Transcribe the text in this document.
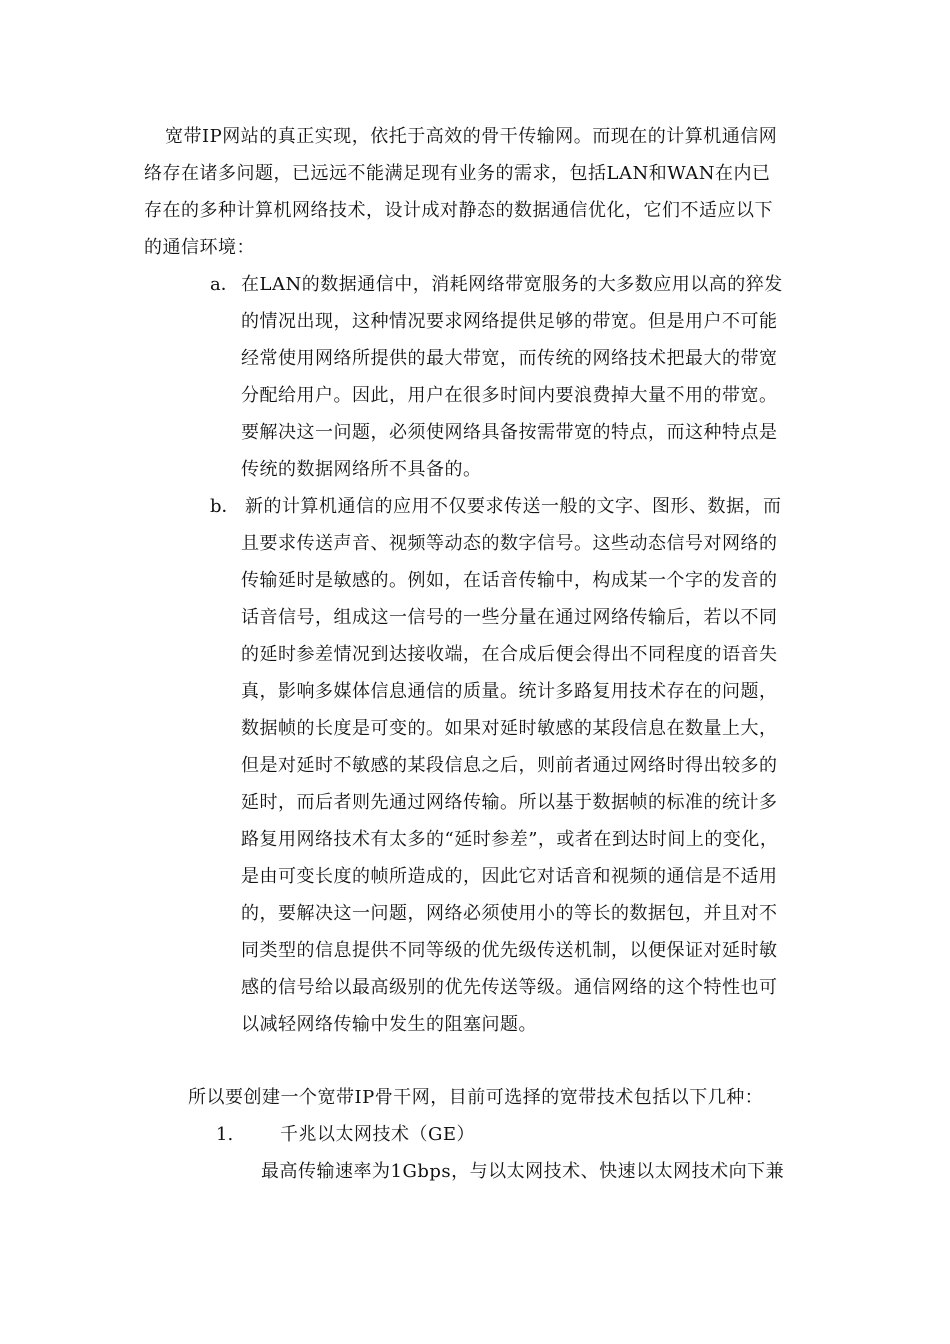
宽带IP网站的真正实现，依托于高效的骨干传输网。而现在的计算机通信网
络存在诸多问题，已远远不能满足现有业务的需求，包括LAN和WAN在内已
存在的多种计算机网络技术，设计成对静态的数据通信优化，它们不适应以下
的通信环境：
a． 在LAN的数据通信中，消耗网络带宽服务的大多数应用以高的猝发
的情况出现，这种情况要求网络提供足够的带宽。但是用户不可能
经常使用网络所提供的最大带宽，而传统的网络技术把最大的带宽
分配给用户。因此，用户在很多时间内要浪费掉大量不用的带宽。
要解决这一问题，必须使网络具备按需带宽的特点，而这种特点是
传统的数据网络所不具备的。
b． 新的计算机通信的应用不仅要求传送一般的文字、图形、数据，而
且要求传送声音、视频等动态的数字信号。这些动态信号对网络的
传输延时是敏感的。例如，在话音传输中，构成某一个字的发音的
话音信号，组成这一信号的一些分量在通过网络传输后，若以不同
的延时参差情况到达接收端，在合成后便会得出不同程度的语音失
真，影响多媒体信息通信的质量。统计多路复用技术存在的问题，
数据帧的长度是可变的。如果对延时敏感的某段信息在数量上大，
但是对延时不敏感的某段信息之后，则前者通过网络时得出较多的
延时，而后者则先通过网络传输。所以基于数据帧的标准的统计多
路复用网络技术有太多的“延时参差”，或者在到达时间上的变化，
是由可变长度的帧所造成的，因此它对话音和视频的通信是不适用
的，要解决这一问题，网络必须使用小的等长的数据包，并且对不
同类型的信息提供不同等级的优先级传送机制，以便保证对延时敏
感的信号给以最高级别的优先传送等级。通信网络的这个特性也可
以减轻网络传输中发生的阻塞问题。
所以要创建一个宽带IP骨干网，目前可选择的宽带技术包括以下几种：
1.	千兆以太网技术（GE）
最高传输速率为1Gbps，与以太网技术、快速以太网技术向下兼
